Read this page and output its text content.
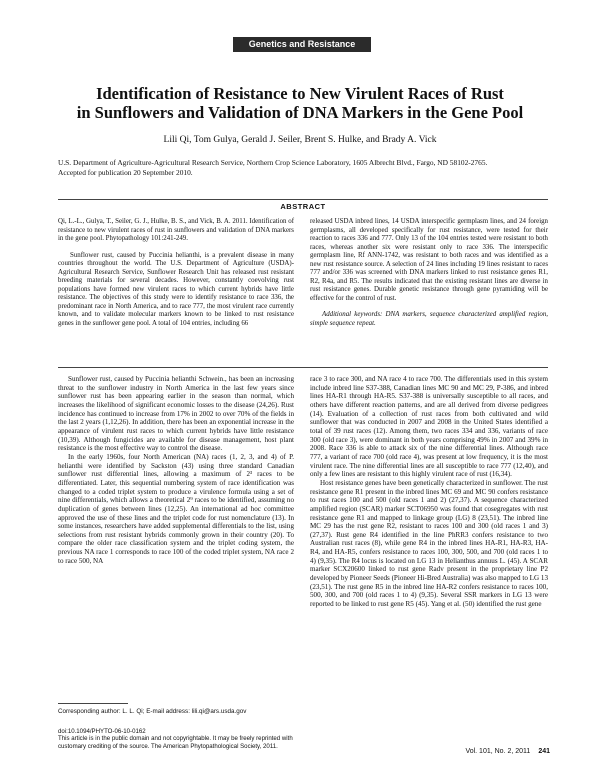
Genetics and Resistance
Identification of Resistance to New Virulent Races of Rust
in Sunflowers and Validation of DNA Markers in the Gene Pool
Lili Qi, Tom Gulya, Gerald J. Seiler, Brent S. Hulke, and Brady A. Vick
U.S. Department of Agriculture-Agricultural Research Service, Northern Crop Science Laboratory, 1605 Albrecht Blvd., Fargo, ND 58102-2765.
Accepted for publication 20 September 2010.
ABSTRACT

Qi, L.-L., Gulya, T., Seiler, G. J., Hulke, B. S., and Vick, B. A. 2011. Identification of resistance to new virulent races of rust in sunflowers and validation of DNA markers in the gene pool. Phytopathology 101:241-249.

Sunflower rust, caused by Puccinia helianthi, is a prevalent disease in many countries throughout the world. The U.S. Department of Agriculture (USDA)-Agricultural Research Service, Sunflower Research Unit has released rust resistant breeding materials for several decades. However, constantly coevolving rust populations have formed new virulent races to which current hybrids have little resistance. The objectives of this study were to identify resistance to race 336, the predominant race in North America, and to race 777, the most virulent race currently known, and to validate molecular markers known to be linked to rust resistance genes in the sunflower gene pool. A total of 104 entries, including 66

released USDA inbred lines, 14 USDA interspecific germplasm lines, and 24 foreign germplasms, all developed specifically for rust resistance, were tested for their reaction to races 336 and 777. Only 13 of the 104 entries tested were resistant to both races, whereas another six were resistant only to race 336. The interspecific germplasm line, Rf ANN-1742, was resistant to both races and was identified as a new rust resistance source. A selection of 24 lines including 19 lines resistant to races 777 and/or 336 was screened with DNA markers linked to rust resistance genes R1, R2, R4a, and R5. The results indicated that the existing resistant lines are diverse in rust resistance genes. Durable genetic resistance through gene pyramiding will be effective for the control of rust.

Additional keywords: DNA markers, sequence characterized amplified region, simple sequence repeat.

Sunflower rust, caused by Puccinia helianthi Schwein., has been an increasing threat to the sunflower industry in North America in the last few years since sunflower rust has been appearing earlier in the season than normal, which increases the likelihood of significant economic losses to the disease (24,26). Rust incidence has continued to increase from 17% in 2002 to over 70% of the fields in the last 2 years (1,12,26). In addition, there has been an exponential increase in the appearance of virulent rust races to which current hybrids have little resistance (10,39). Although fungicides are available for disease management, host plant resistance is the most effective way to control the disease.

In the early 1960s, four North American (NA) races (1, 2, 3, and 4) of P. helianthi were identified by Sackston (43) using three standard Canadian sunflower rust differential lines, allowing a maximum of 2³ races to be differentiated. Later, this sequential numbering system of race identification was changed to a coded triplet system to produce a virulence formula using a set of nine differentials, which allows a theoretical 2⁹ races to be identified, assuming no duplication of genes between lines (12,25). An international ad hoc committee approved the use of these lines and the triplet code for rust nomenclature (13). In some instances, researchers have added supplemental differentials to the list, using selections from rust resistant hybrids commonly grown in their country (20). To compare the older race classification system and the triplet coding system, the previous NA race 1 corresponds to race 100 of the coded triplet system, NA race 2 to race 500, NA

race 3 to race 300, and NA race 4 to race 700. The differentials used in this system include inbred line S37-388, Canadian lines MC 90 and MC 29, P-386, and inbred lines HA-R1 through HA-R5. S37-388 is universally susceptible to all races, and others have different reaction patterns, and are all derived from diverse pedigrees (14). Evaluation of a collection of rust races from both cultivated and wild sunflower that was conducted in 2007 and 2008 in the United States identified a total of 39 rust races (12). Among them, two races 334 and 336, variants of race 300 (old race 3), were dominant in both years comprising 49% in 2007 and 39% in 2008. Race 336 is able to attack six of the nine differential lines. Although race 777, a variant of race 700 (old race 4), was present at low frequency, it is the most virulent race. The nine differential lines are all susceptible to race 777 (12,40), and only a few lines are resistant to this highly virulent race of rust (16,34).

Host resistance genes have been genetically characterized in sunflower. The rust resistance gene R1 present in the inbred lines MC 69 and MC 90 confers resistance to rust races 100 and 500 (old races 1 and 2) (27,37). A sequence characterized amplified region (SCAR) marker SCT06950 was found that cosegregates with rust resistance gene R1 and mapped to linkage group (LG) 8 (23,51). The inbred line MC 29 has the rust gene R2, resistant to races 100 and 300 (old races 1 and 3) (27,37). Rust gene R4 identified in the line PhRR3 confers resistance to two Australian rust races (8), while gene R4 in the inbred lines HA-R1, HA-R3, HA-R4, and HA-R5, confers resistance to races 100, 300, 500, and 700 (old races 1 to 4) (9,35). The R4 locus is located on LG 13 in Helianthus annuus L. (45). A SCAR marker SCX20600 linked to rust gene Radv present in the proprietary line P2 developed by Pioneer Seeds (Pioneer Hi-Bred Australia) was also mapped to LG 13 (23,51). The rust gene R5 in the inbred line HA-R2 confers resistance to races 100, 500, 300, and 700 (old races 1 to 4) (9,35). Several SSR markers in LG 13 were reported to be linked to rust gene R5 (45). Yang et al. (50) identified the rust gene

Corresponding author: L. L. Qi; E-mail address: lili.qi@ars.usda.gov
doi:10.1094/PHYTO-06-10-0162
This article is in the public domain and not copyrightable. It may be freely reprinted with customary crediting of the source. The American Phytopathological Society, 2011.
Vol. 101, No. 2, 2011 241
